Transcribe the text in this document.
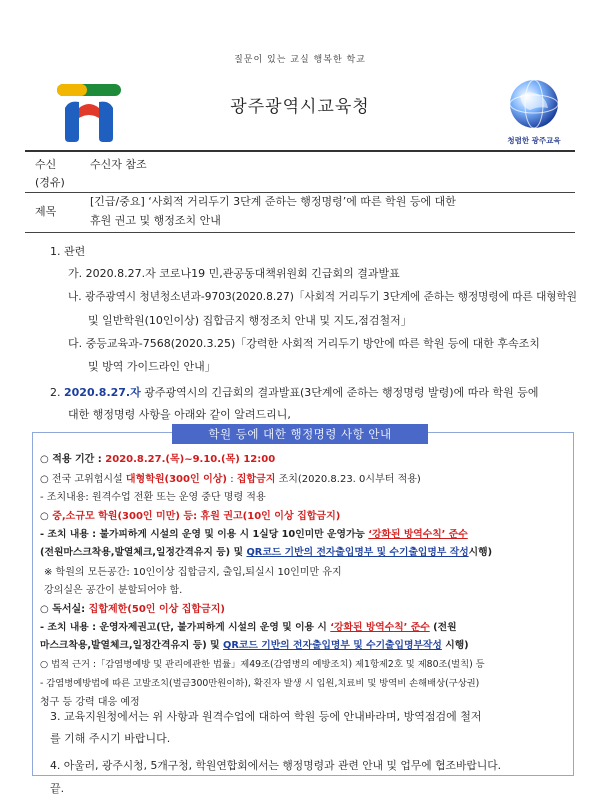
질문이 있는 교실 행복한 학교
광주광역시교육청
청렴한 광주교육
수신	수신자 참조
(경유)
제목
[긴급/중요] ‘사회적 거리두기 3단계 준하는 행정명령’에 따른 학원 등에 대한
휴원 권고 및 행정조치 안내
1. 관련
가. 2020.8.27.자 코로나19 민,관공동대책위원회 긴급회의 결과발표
나. 광주광역시 청년청소년과-9703(2020.8.27)「사회적 거리두기 3단계에 준하는 행정명령에 따른 대형학원
및 일반학원(10인이상) 집합금지 행정조치 안내 및 지도,점검철저」
다. 중등교육과-7568(2020.3.25)「강력한 사회적 거리두기 방안에 따른 학원 등에 대한 후속조치
및 방역 가이드라인 안내」
2. 2020.8.27.자 광주광역시의 긴급회의 결과발표(3단계에 준하는 행정명령 발령)에 따라 학원 등에
대한 행정명령 사항을 아래와 같이 알려드리니,
학원 등에 대한 행정명령 사항 안내
○ 적용 기간 : 2020.8.27.(목)~9.10.(목) 12:00
○ 전국 고위험시설 대형학원(300인 이상) : 집합금지 조치(2020.8.23. 0시부터 적용)
- 조치내용: 원격수업 전환 또는 운영 중단 명령 적용
○ 중,소규모 학원(300인 미만) 등: 휴원 권고(10인 이상 집합금지)
- 조치 내용 : 불가피하게 시설의 운영 및 이용 시 1실당 10인미만 운영가능 ‘강화된 방역수칙’ 준수
(전원마스크착용,발열체크,일정간격유지 등) 및 QR코드 기반의 전자출입명부 및 수기출입명부 작성시행)
※ 학원의 모든공간: 10인이상 집합금지, 출입,퇴실시 10인미만 유지
강의실은 공간이 분할되어야 함.
○ 독서실: 집합제한(50인 이상 집합금지)
- 조치 내용 : 운영자제권고(단, 불가피하게 시설의 운영 및 이용 시 ‘강화된 방역수칙’ 준수 (전원
마스크착용,발열체크,일정간격유지 등) 및 QR코드 기반의 전자출입명부 및 수기출입명부작성 시행)
○ 법적 근거 :「감염병예방 및 관리에관한 법률」제49조(감염병의 예방조치) 제1항제2호 및 제80조(벌칙) 등
- 감염병예방법에 따른 고발조치(벌금300만원이하), 확진자 발생 시 입원,치료비 및 방역비 손해배상(구상권)
청구 등 강력 대응 예정
3. 교육지원청에서는 위 사항과 원격수업에 대하여 학원 등에 안내바라며, 방역점검에 철저
를 기해 주시기 바랍니다.
4. 아울러, 광주시청, 5개구청, 학원연합회에서는 행정명령과 관련 안내 및 업무에 협조바랍니다.
끝.
